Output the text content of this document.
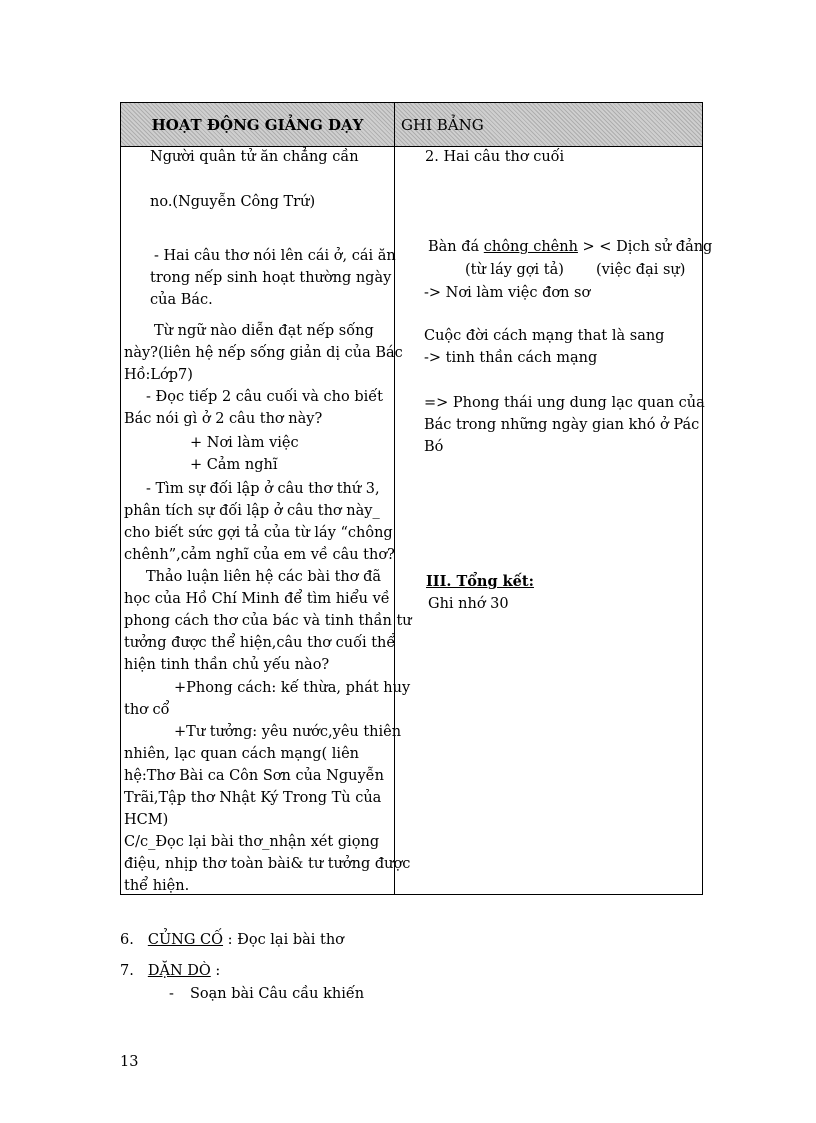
HOẠT ĐỘNG GIẢNG DẠY	GHI BẢNG
Người quân tử ăn chẳng cần
no.(Nguyễn Công Trứ)
- Hai câu thơ nói lên cái ở, cái ăn
trong nếp sinh hoạt thường ngày
của Bác.
Từ ngữ nào diễn đạt nếp sống
này?(liên hệ nếp sống giản dị của Bác
Hồ:Lớp7)
- Đọc tiếp 2 câu cuối và cho biết
Bác nói gì ở 2 câu thơ này?
+ Nơi làm việc
+ Cảm nghĩ
- Tìm sự đối lập ở câu thơ thứ 3,
phân tích sự đối lập ở câu thơ này_
cho biết sức gợi tả của từ láy “chông
chênh”,cảm nghĩ của em về câu thơ?
Thảo luận liên hệ các bài thơ đã
học của Hồ Chí Minh để tìm hiểu về
phong cách thơ của bác và tinh thần tư
tưởng được thể hiện,câu thơ cuối thể
hiện tinh thần chủ yếu nào?
+Phong cách: kế thừa, phát huy
thơ cổ
+Tư tưởng: yêu nước,yêu thiên
nhiên, lạc quan cách mạng( liên
hệ:Thơ Bài ca Côn Sơn của Nguyễn
Trãi,Tập thơ Nhật Ký Trong Tù của
HCM)
C/c_Đọc lại bài thơ_nhận xét giọng
điệu, nhịp thơ toàn bài& tư tưởng được
thể hiện.
2. Hai câu thơ cuối
Bàn đá chông chênh > < Dịch sử đảng
(từ láy gợi tả) (việc đại sự)
-> Nơi làm việc đơn sơ
Cuộc đời cách mạng that là sang
-> tinh thần cách mạng
=> Phong thái ung dung lạc quan của
Bác trong những ngày gian khó ở Pác
Bó
III. Tổng kết:
Ghi nhớ 30
6. CỦNG CỐ : Đọc lại bài thơ
7. DẶN DÒ :
- Soạn bài Câu cầu khiến
13
